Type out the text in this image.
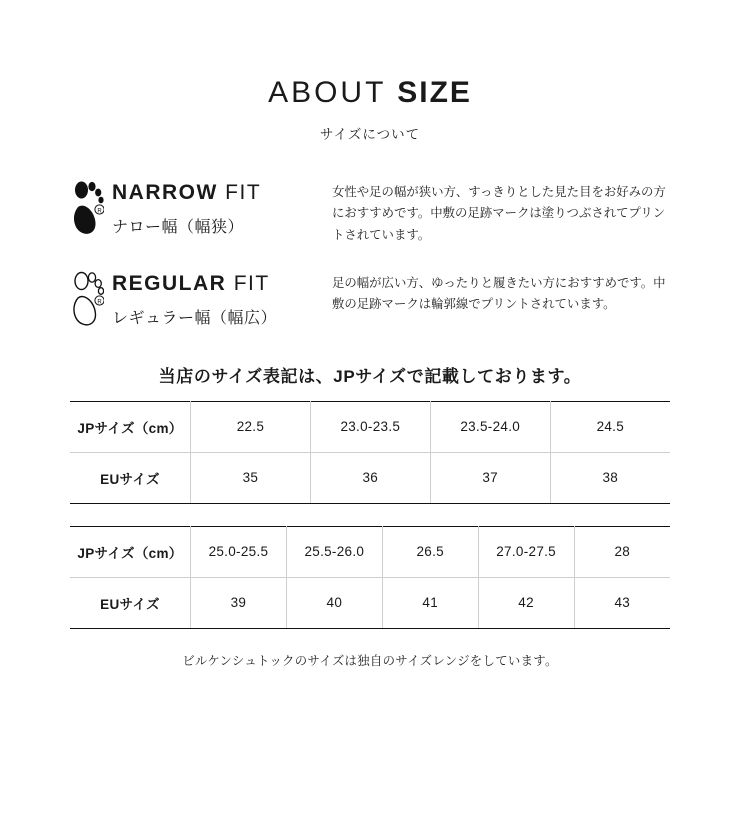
ABOUT SIZE
サイズについて
R
NARROW FIT
ナロー幅（幅狭）
女性や足の幅が狭い方、すっきりとした見た目をお好みの方におすすめです。中敷の足跡マークは塗りつぶされてプリントされています。
R
REGULAR FIT
レギュラー幅（幅広）
足の幅が広い方、ゆったりと履きたい方におすすめです。中敷の足跡マークは輪郭線でプリントされています。
当店のサイズ表記は、JPサイズで記載しております。
JPサイズ（cm）	22.5	23.0-23.5	23.5-24.0	24.5
EUサイズ	35	36	37	38
JPサイズ（cm）	25.0-25.5	25.5-26.0	26.5	27.0-27.5	28
EUサイズ	39	40	41	42	43
ビルケンシュトックのサイズは独自のサイズレンジをしています。
